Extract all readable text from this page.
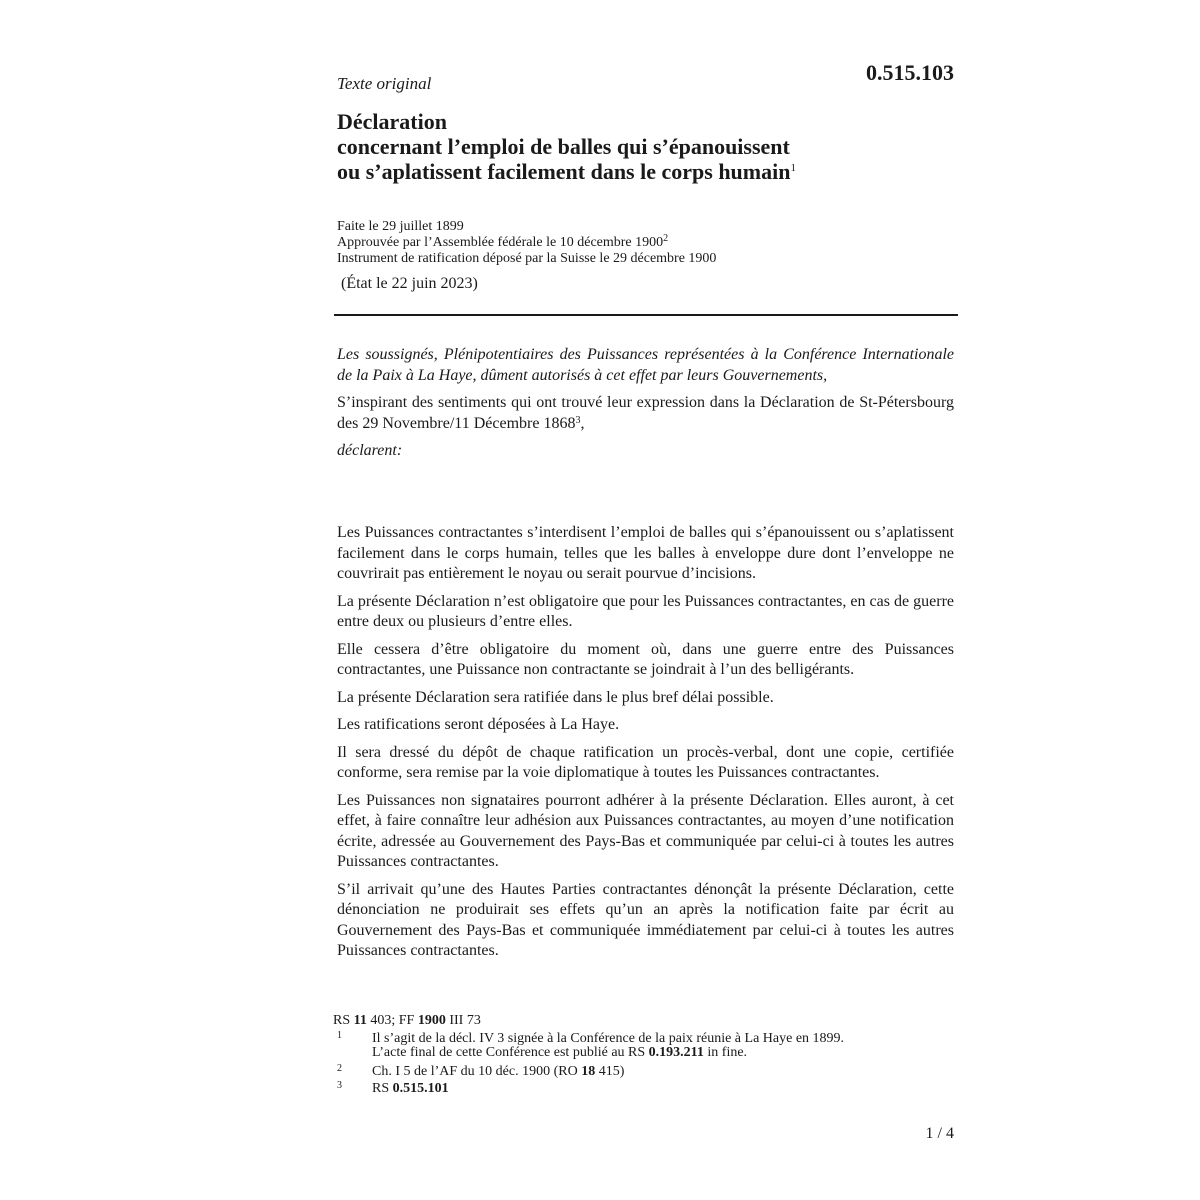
0.515.103
Texte original
Déclaration
concernant l’emploi de balles qui s’épanouissent
ou s’aplatissent facilement dans le corps humain$^1$
Faite le 29 juillet 1899
Approuvée par l’Assemblée fédérale le 10 décembre 1900$^2$
Instrument de ratification déposé par la Suisse le 29 décembre 1900
(État le 22 juin 2023)

Les soussignés, Plénipotentiaires des Puissances représentées à la Conférence Internationale de la Paix à La Haye, dûment autorisés à cet effet par leurs Gouvernements,

S’inspirant des sentiments qui ont trouvé leur expression dans la Déclaration de St-Pétersbourg des 29 Novembre/11 Décembre 1868$^3$,

déclarent:

Les Puissances contractantes s’interdisent l’emploi de balles qui s’épanouissent ou s’aplatissent facilement dans le corps humain, telles que les balles à enveloppe dure dont l’enveloppe ne couvrirait pas entièrement le noyau ou serait pourvue d’incisions.

La présente Déclaration n’est obligatoire que pour les Puissances contractantes, en cas de guerre entre deux ou plusieurs d’entre elles.

Elle cessera d’être obligatoire du moment où, dans une guerre entre des Puissances contractantes, une Puissance non contractante se joindrait à l’un des belligérants.

La présente Déclaration sera ratifiée dans le plus bref délai possible.

Les ratifications seront déposées à La Haye.

Il sera dressé du dépôt de chaque ratification un procès-verbal, dont une copie, certifiée conforme, sera remise par la voie diplomatique à toutes les Puissances contractantes.

Les Puissances non signataires pourront adhérer à la présente Déclaration. Elles auront, à cet effet, à faire connaître leur adhésion aux Puissances contractantes, au moyen d’une notification écrite, adressée au Gouvernement des Pays-Bas et communiquée par celui-ci à toutes les autres Puissances contractantes.

S’il arrivait qu’une des Hautes Parties contractantes dénonçât la présente Déclaration, cette dénonciation ne produirait ses effets qu’un an après la notification faite par écrit au Gouvernement des Pays-Bas et communiquée immédiatement par celui-ci à toutes les autres Puissances contractantes.

RS 11 403; FF 1900 III 73
1 Il s’agit de la décl. IV 3 signée à la Conférence de la paix réunie à La Haye en 1899.
L’acte final de cette Conférence est publié au RS 0.193.211 in fine.
2 Ch. I 5 de l’AF du 10 déc. 1900 (RO 18 415)
3 RS 0.515.101
1 / 4
